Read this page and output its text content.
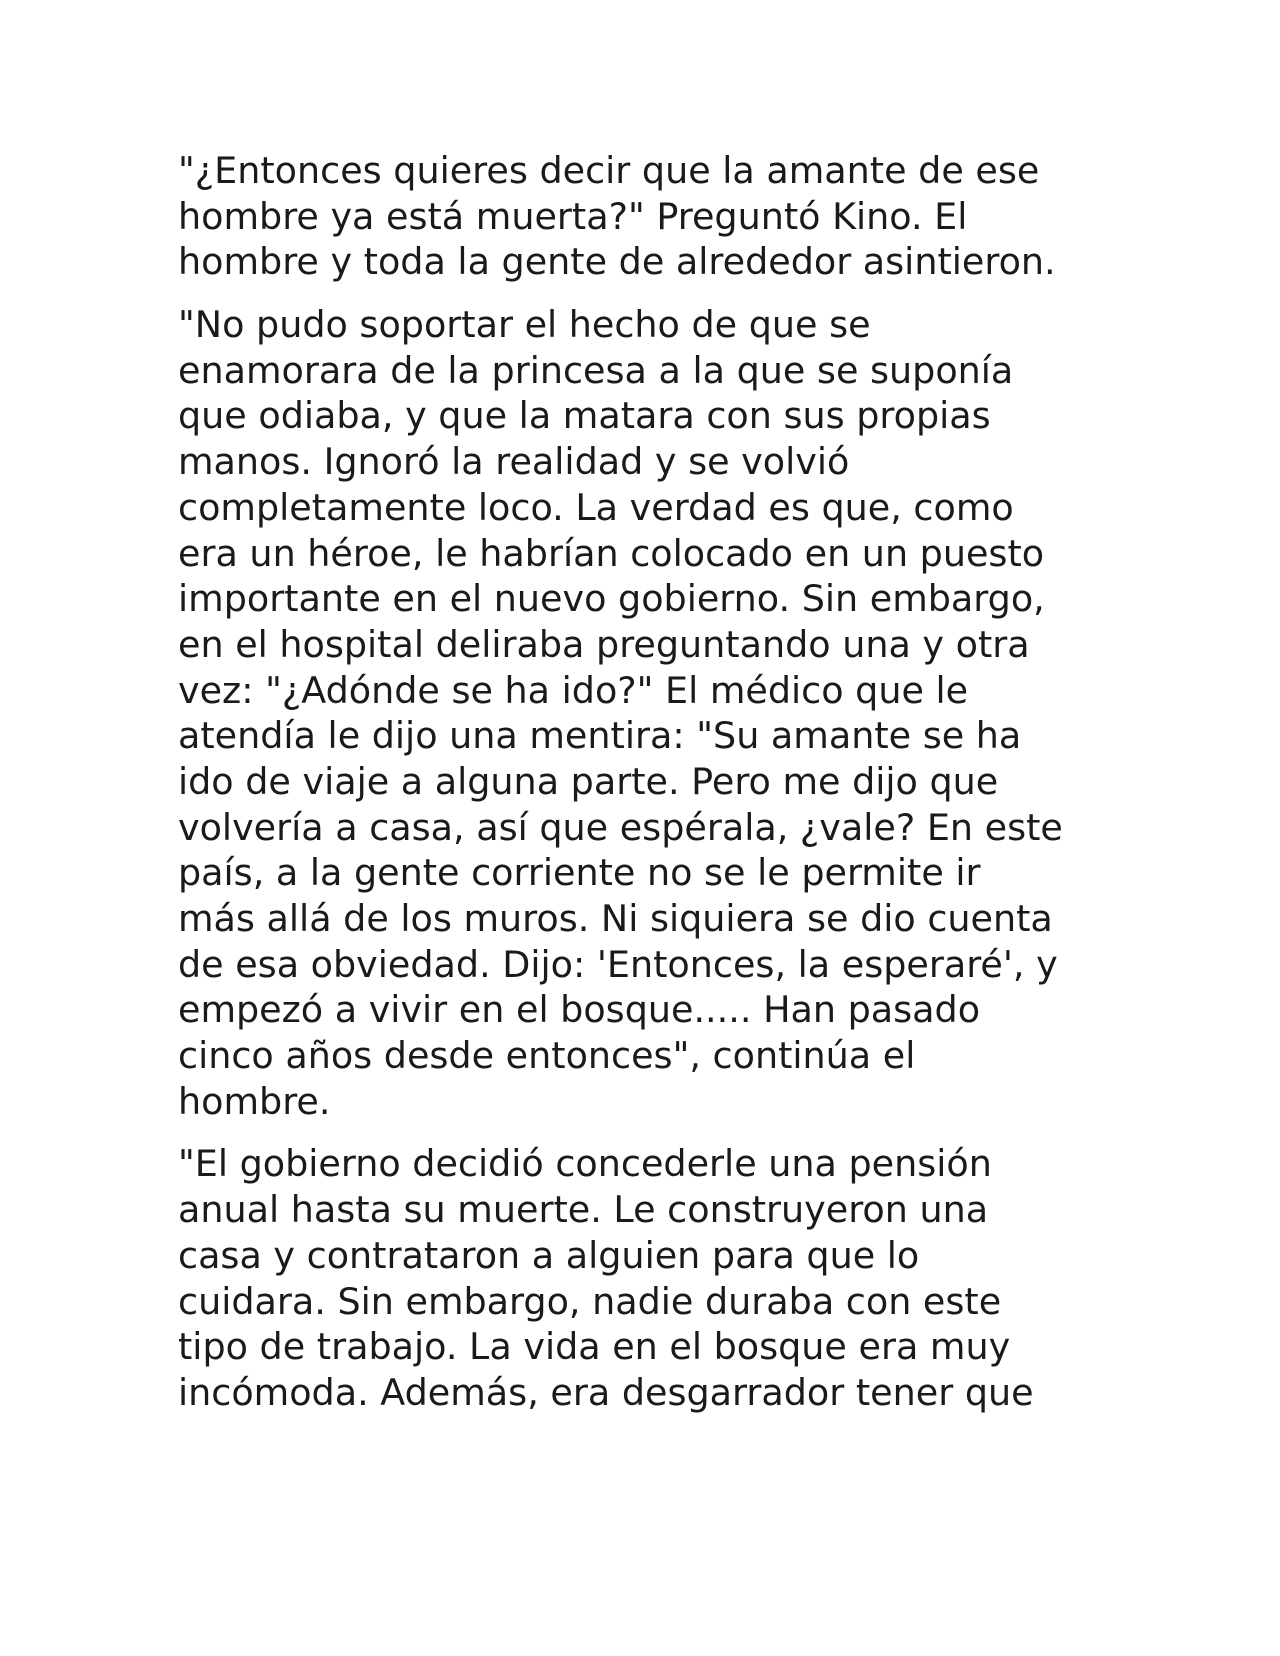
"¿Entonces quieres decir que la amante de ese
hombre ya está muerta?" Preguntó Kino. El
hombre y toda la gente de alrededor asintieron.
"No pudo soportar el hecho de que se
enamorara de la princesa a la que se suponía
que odiaba, y que la matara con sus propias
manos. Ignoró la realidad y se volvió
completamente loco. La verdad es que, como
era un héroe, le habrían colocado en un puesto
importante en el nuevo gobierno. Sin embargo,
en el hospital deliraba preguntando una y otra
vez: "¿Adónde se ha ido?" El médico que le
atendía le dijo una mentira: "Su amante se ha
ido de viaje a alguna parte. Pero me dijo que
volvería a casa, así que espérala, ¿vale? En este
país, a la gente corriente no se le permite ir
más allá de los muros. Ni siquiera se dio cuenta
de esa obviedad. Dijo: 'Entonces, la esperaré', y
empezó a vivir en el bosque..... Han pasado
cinco años desde entonces", continúa el
hombre.
"El gobierno decidió concederle una pensión
anual hasta su muerte. Le construyeron una
casa y contrataron a alguien para que lo
cuidara. Sin embargo, nadie duraba con este
tipo de trabajo. La vida en el bosque era muy
incómoda. Además, era desgarrador tener que
